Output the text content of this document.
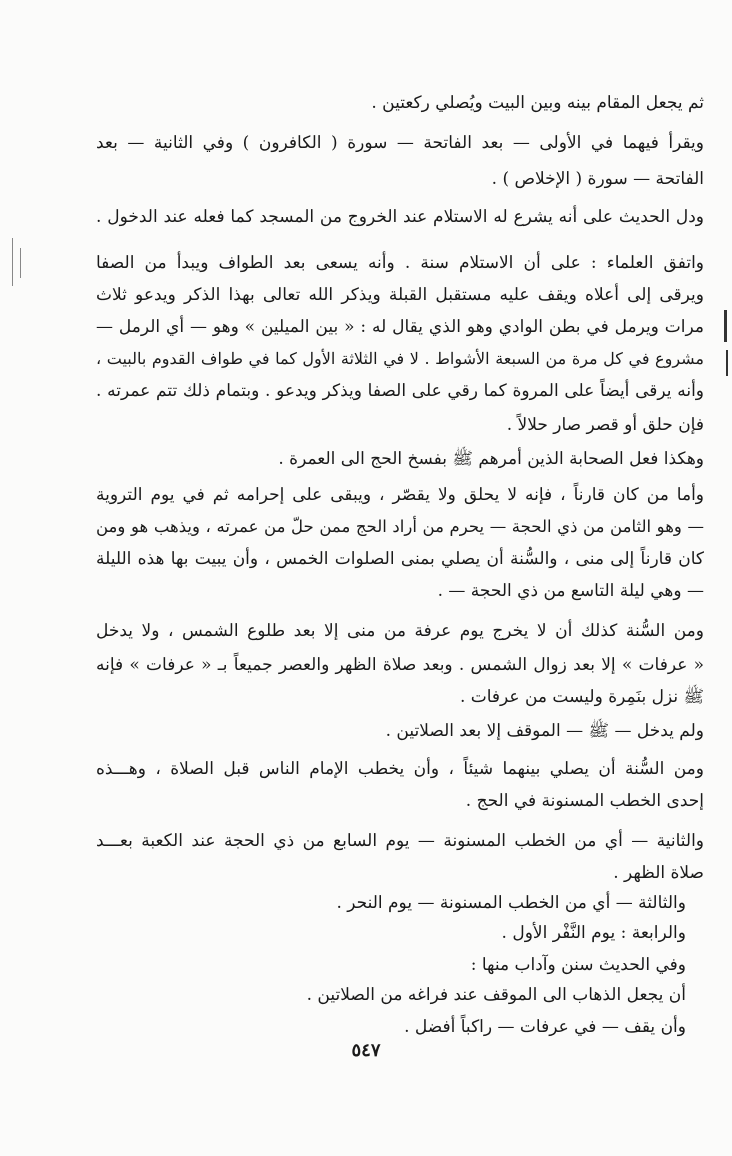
ثم يجعل المقام بينه وبين البيت ويُصلي ركعتين .
ويقرأ فيهما في الأولى — بعد الفاتحة — سورة ( الكافرون ) وفي الثانية — بعد
الفاتحة — سورة ( الإخلاص ) .
ودل الحديث على أنه يشرع له الاستلام عند الخروج من المسجد كما فعله عند الدخول .
واتفق العلماء : على أن الاستلام سنة . وأنه يسعى بعد الطواف ويبدأ من الصفا
ويرقى إلى أعلاه ويقف عليه مستقبل القبلة ويذكر الله تعالى بهذا الذكر ويدعو ثلاث
مرات ويرمل في بطن الوادي وهو الذي يقال له : « بين الميلين » وهو — أي الرمل —
مشروع في كل مرة من السبعة الأشواط . لا في الثلاثة الأول كما في طواف القدوم بالبيت ،
وأنه يرقى أيضاً على المروة كما رقي على الصفا ويذكر ويدعو . وبتمام ذلك تتم عمرته .
فإن حلق أو قصر صار حلالاً .
وهكذا فعل الصحابة الذين أمرهم ﷺ بفسخ الحج الى العمرة .
وأما من كان قارناً ، فإنه لا يحلق ولا يقصّر ، ويبقى على إحرامه ثم في يوم التروية
— وهو الثامن من ذي الحجة — يحرم من أراد الحج ممن حلّ من عمرته ، ويذهب هو ومن
كان قارناً إلى منى ، والسُّنة أن يصلي بمنى الصلوات الخمس ، وأن يبيت بها هذه الليلة
— وهي ليلة التاسع من ذي الحجة — .
ومن السُّنة كذلك أن لا يخرج يوم عرفة من منى إلا بعد طلوع الشمس ، ولا يدخل
« عرفات » إلا بعد زوال الشمس . وبعد صلاة الظهر والعصر جميعاً بـ « عرفات » فإنه
ﷺ نزل بنَمِرة وليست من عرفات .
ولم يدخل — ﷺ — الموقف إلا بعد الصلاتين .
ومن السُّنة أن يصلي بينهما شيئاً ، وأن يخطب الإمام الناس قبل الصلاة ، وهـــذه
إحدى الخطب المسنونة في الحج .
والثانية — أي من الخطب المسنونة — يوم السابع من ذي الحجة عند الكعبة بعـــد
صلاة الظهر .
والثالثة — أي من الخطب المسنونة — يوم النحر .
والرابعة : يوم النَّفْر الأول .
وفي الحديث سنن وآداب منها :
أن يجعل الذهاب الى الموقف عند فراغه من الصلاتين .
وأن يقف — في عرفات — راكباً أفضل .
٥٤٧
